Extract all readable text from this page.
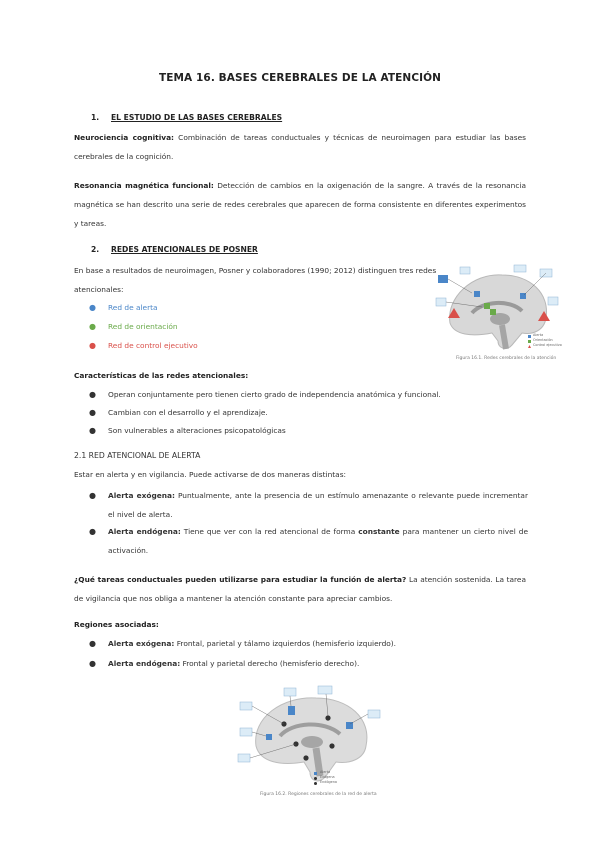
TEMA 16. BASES CEREBRALES DE LA ATENCIÓN
1. EL ESTUDIO DE LAS BASES CEREBRALES
Neurociencia cognitiva: Combinación de tareas conductuales y técnicas de neuroimagen para estudiar las bases cerebrales de la cognición.
Resonancia magnética funcional: Detección de cambios en la oxigenación de la sangre. A través de la resonancia magnética se han descrito una serie de redes cerebrales que aparecen de forma consistente en diferentes experimentos y tareas.
2. REDES ATENCIONALES DE POSNER
En base a resultados de neuroimagen, Posner y colaboradores (1990; 2012) distinguen tres redes atencionales:
● Red de alerta
● Red de orientación
● Red de control ejecutivo
Alerta
Orientación
Control ejecutivo
Figura 16.1. Redes cerebrales de la atención
Características de las redes atencionales:
● Operan conjuntamente pero tienen cierto grado de independencia anatómica y funcional.
● Cambian con el desarrollo y el aprendizaje.
● Son vulnerables a alteraciones psicopatológicas
2.1 RED ATENCIONAL DE ALERTA
Estar en alerta y en vigilancia. Puede activarse de dos maneras distintas:
● Alerta exógena: Puntualmente, ante la presencia de un estímulo amenazante o relevante puede incrementar el nivel de alerta.
● Alerta endógena: Tiene que ver con la red atencional de forma constante para mantener un cierto nivel de activación.
¿Qué tareas conductuales pueden utilizarse para estudiar la función de alerta? La atención sostenida. La tarea de vigilancia que nos obliga a mantener la atención constante para apreciar cambios.
Regiones asociadas:
● Alerta exógena: Frontal, parietal y tálamo izquierdos (hemisferio izquierdo).
● Alerta endógena: Frontal y parietal derecho (hemisferio derecho).
Alerta
Exógena
Endógena
Figura 16.2. Regiones cerebrales de la red de alerta
